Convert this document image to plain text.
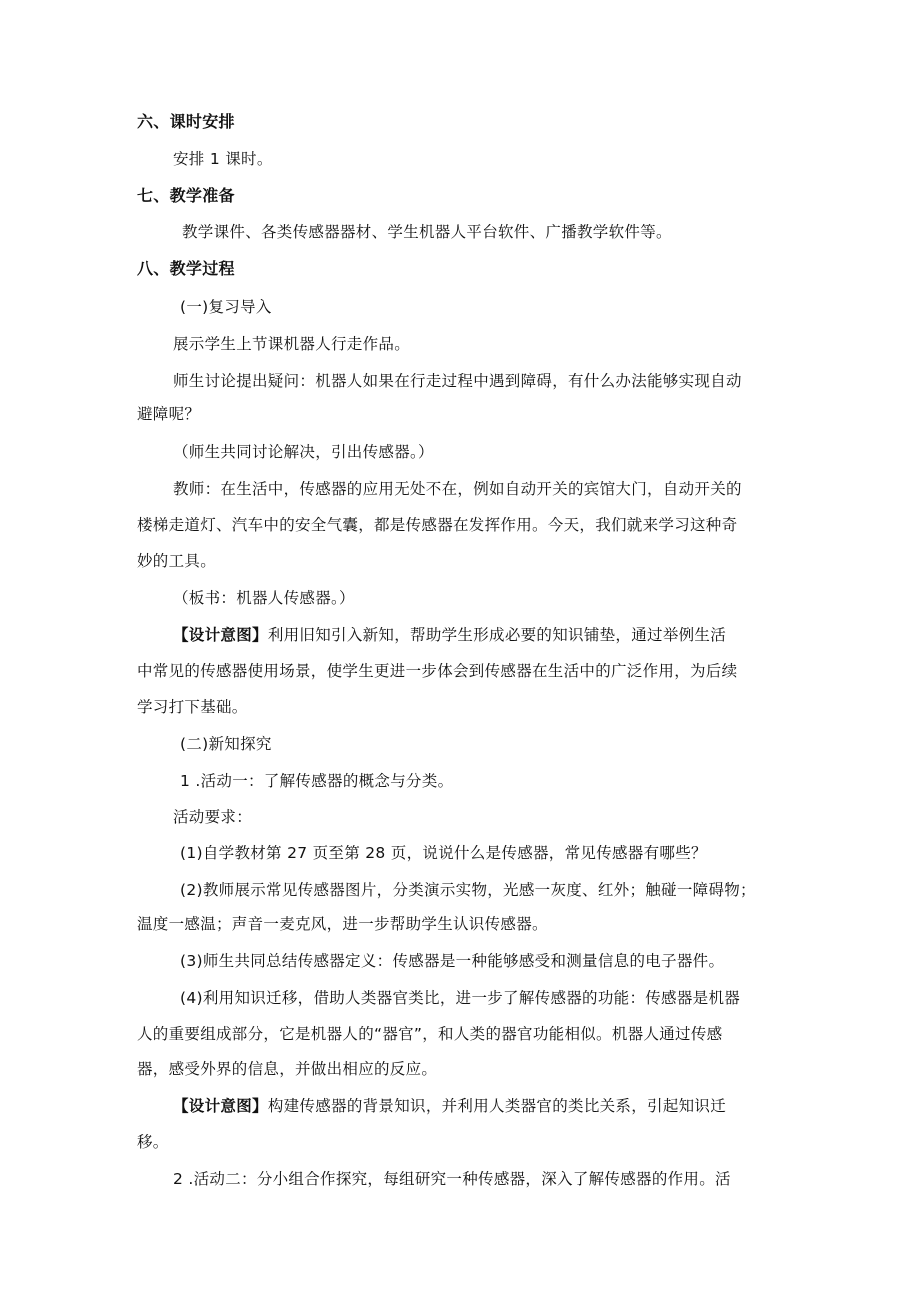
六、课时安排
安排 1 课时。
七、教学准备
教学课件、各类传感器器材、学生机器人平台软件、广播教学软件等。
八、教学过程
(一)复习导入
展示学生上节课机器人行走作品。
师生讨论提出疑问：机器人如果在行走过程中遇到障碍，有什么办法能够实现自动
避障呢？
（师生共同讨论解决，引出传感器。）
教师：在生活中，传感器的应用无处不在，例如自动开关的宾馆大门，自动开关的
楼梯走道灯、汽车中的安全气囊，都是传感器在发挥作用。今天，我们就来学习这种奇
妙的工具。
（板书：机器人传感器。）
【设计意图】利用旧知引入新知，帮助学生形成必要的知识铺垫，通过举例生活
中常见的传感器使用场景，使学生更进一步体会到传感器在生活中的广泛作用，为后续
学习打下基础。
(二)新知探究
1 .活动一：了解传感器的概念与分类。
活动要求：
(1)自学教材第 27 页至第 28 页，说说什么是传感器，常见传感器有哪些？
(2)教师展示常见传感器图片，分类演示实物，光感一灰度、红外；触碰一障碍物；
温度一感温；声音一麦克风，进一步帮助学生认识传感器。
(3)师生共同总结传感器定义：传感器是一种能够感受和测量信息的电子器件。
(4)利用知识迁移，借助人类器官类比，进一步了解传感器的功能：传感器是机器
人的重要组成部分，它是机器人的“器官”，和人类的器官功能相似。机器人通过传感
器，感受外界的信息，并做出相应的反应。
【设计意图】构建传感器的背景知识，并利用人类器官的类比关系，引起知识迁
移。
2 .活动二：分小组合作探究，每组研究一种传感器，深入了解传感器的作用。活
